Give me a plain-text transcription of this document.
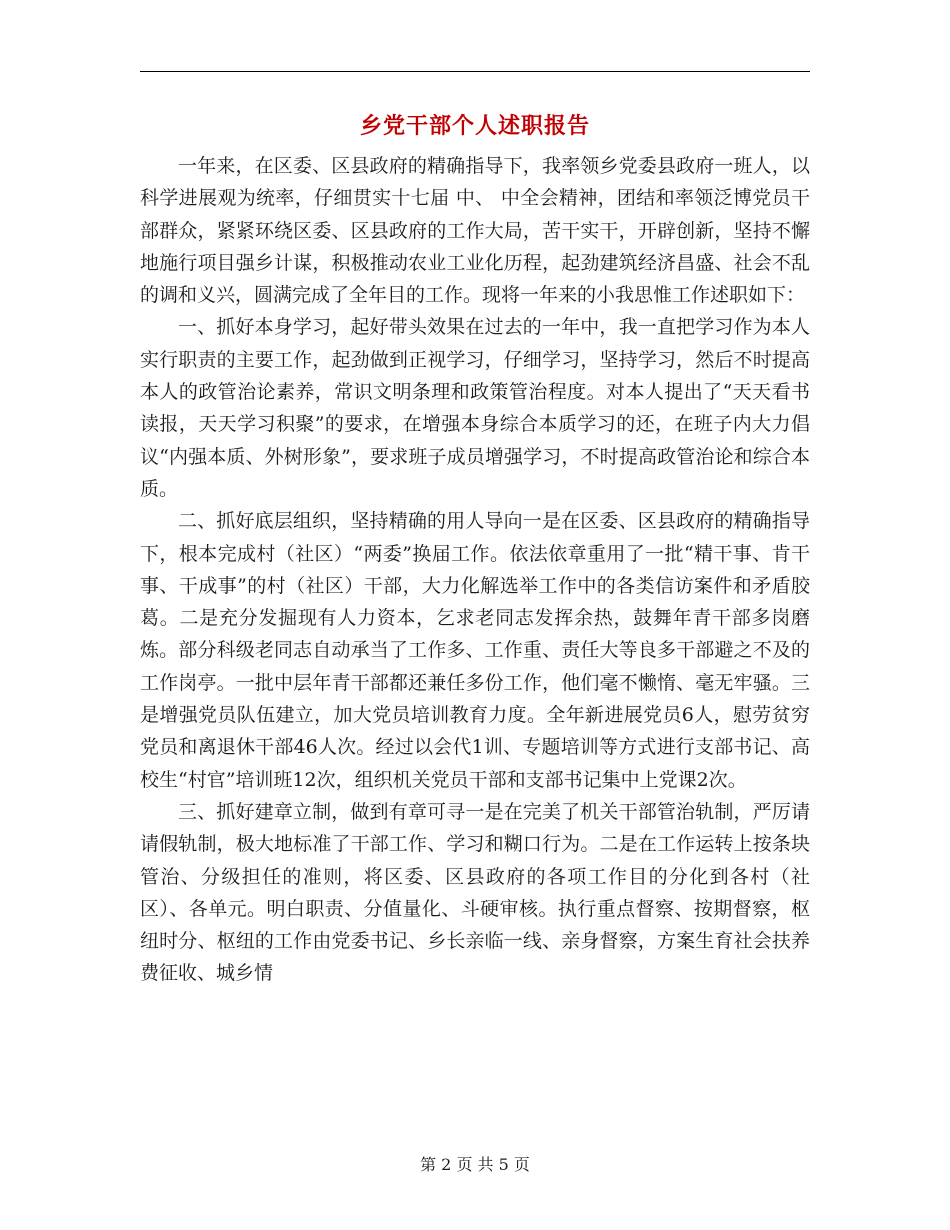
乡党干部个人述职报告

一年来，在区委、区县政府的精确指导下，我率领乡党委县政府一班人，以科学进展观为统率，仔细贯实十七届 中、 中全会精神，团结和率领泛博党员干部群众，紧紧环绕区委、区县政府的工作大局，苦干实干，开辟创新，坚持不懈地施行项目强乡计谋，积极推动农业工业化历程，起劲建筑经济昌盛、社会不乱的调和义兴，圆满完成了全年目的工作。现将一年来的小我思惟工作述职如下：

一、抓好本身学习，起好带头效果在过去的一年中，我一直把学习作为本人实行职责的主要工作，起劲做到正视学习，仔细学习，坚持学习，然后不时提高本人的政管治论素养，常识文明条理和政策管治程度。对本人提出了“天天看书读报，天天学习积聚”的要求，在增强本身综合本质学习的还，在班子内大力倡议“内强本质、外树形象”，要求班子成员增强学习，不时提高政管治论和综合本质。

二、抓好底层组织，坚持精确的用人导向一是在区委、区县政府的精确指导下，根本完成村（社区）“两委”换届工作。依法依章重用了一批“精干事、肯干事、干成事”的村（社区）干部，大力化解选举工作中的各类信访案件和矛盾胶葛。二是充分发掘现有人力资本，乞求老同志发挥余热，鼓舞年青干部多岗磨炼。部分科级老同志自动承当了工作多、工作重、责任大等良多干部避之不及的工作岗亭。一批中层年青干部都还兼任多份工作，他们毫不懒惰、毫无牢骚。三是增强党员队伍建立，加大党员培训教育力度。全年新进展党员6人，慰劳贫穷党员和离退休干部46人次。经过以会代1训、专题培训等方式进行支部书记、高校生“村官”培训班12次，组织机关党员干部和支部书记集中上党课2次。

三、抓好建章立制，做到有章可寻一是在完美了机关干部管治轨制，严厉请请假轨制，极大地标准了干部工作、学习和糊口行为。二是在工作运转上按条块管治、分级担任的准则，将区委、区县政府的各项工作目的分化到各村（社区）、各单元。明白职责、分值量化、斗硬审核。执行重点督察、按期督察，枢纽时分、枢纽的工作由党委书记、乡长亲临一线、亲身督察，方案生育社会扶养费征收、城乡情

第 2 页 共 5 页
